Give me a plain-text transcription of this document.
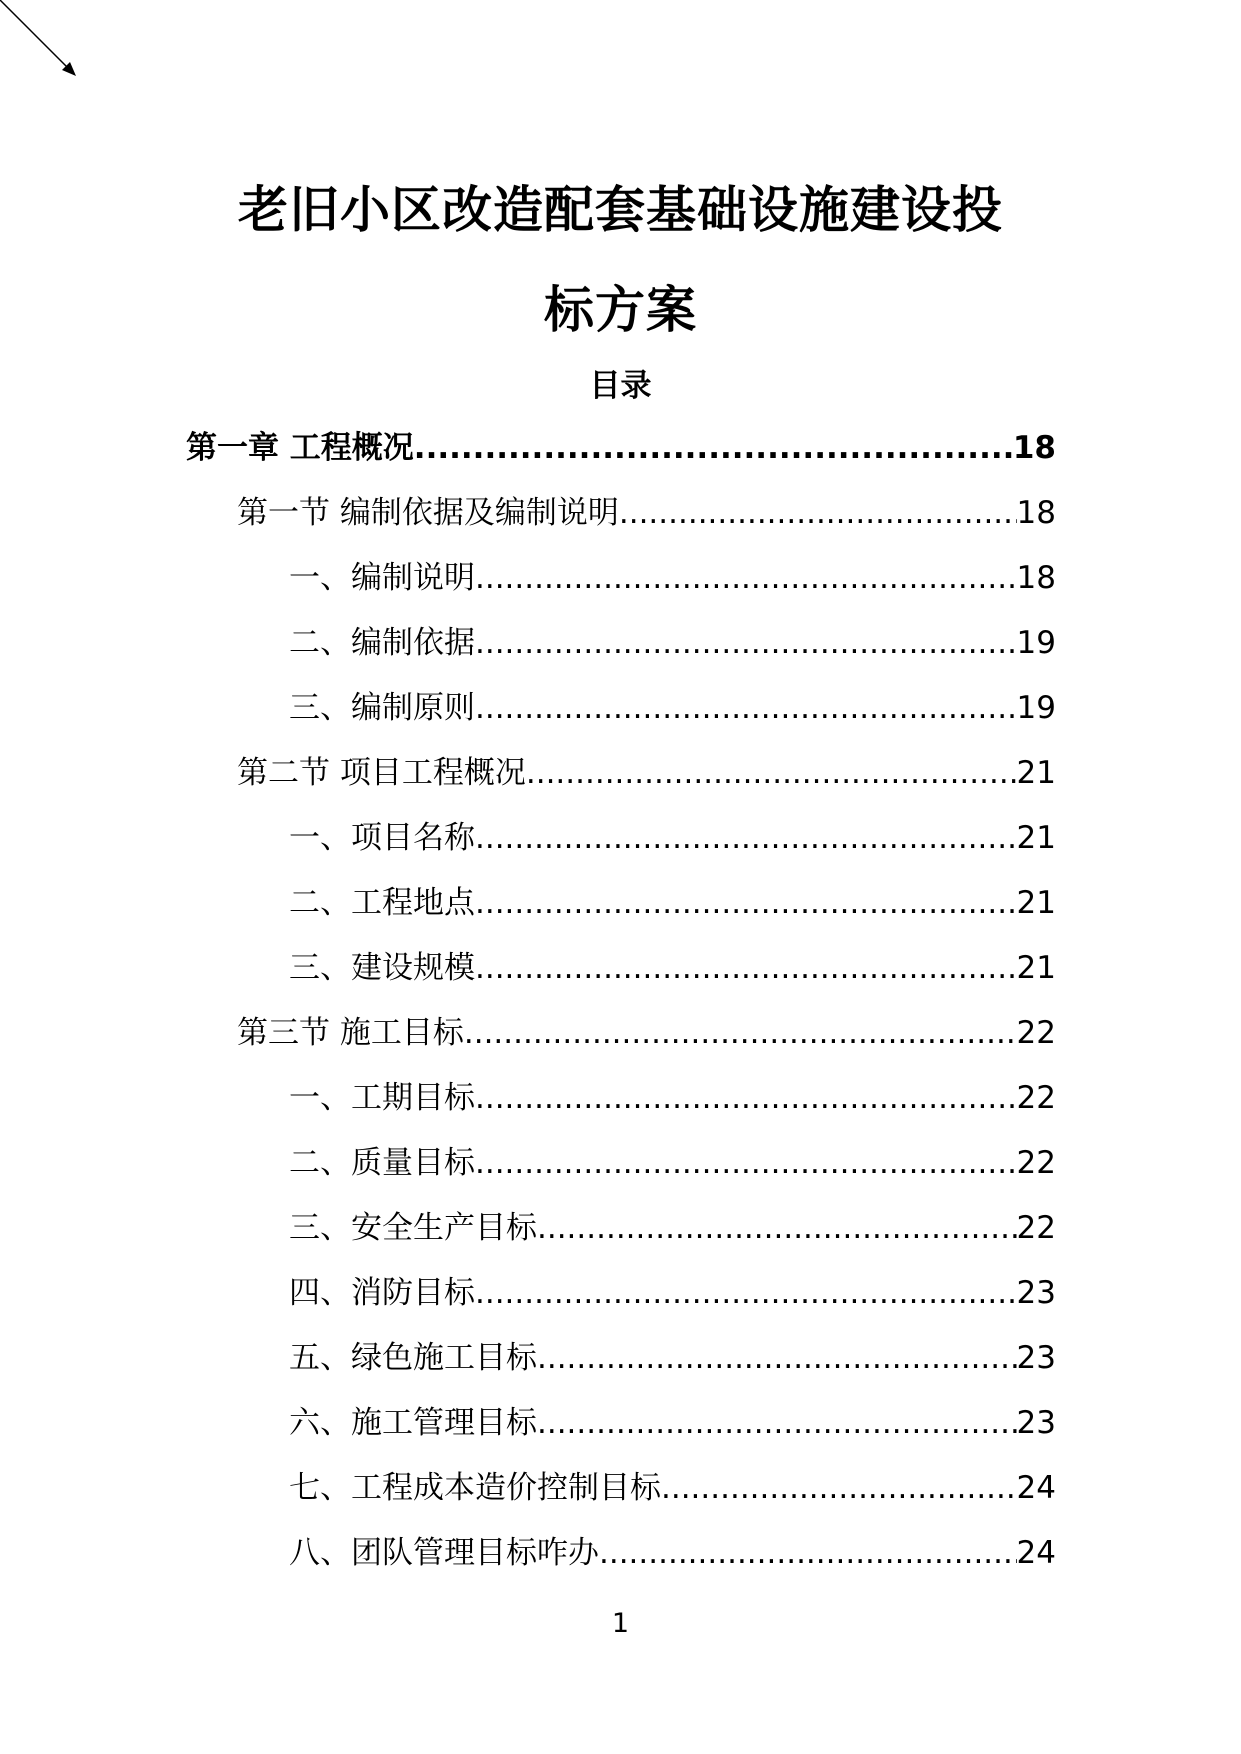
老旧小区改造配套基础设施建设投
标方案
目录
第一章 工程概况 .....	18
第一节 编制依据及编制说明 .....	18
一、编制说明 .....	18
二、编制依据 .....	19
三、编制原则 .....	19
第二节 项目工程概况 .....	21
一、项目名称 .....	21
二、工程地点 .....	21
三、建设规模 .....	21
第三节 施工目标 .....	22
一、工期目标 .....	22
二、质量目标 .....	22
三、安全生产目标 .....	22
四、消防目标 .....	23
五、绿色施工目标 .....	23
六、施工管理目标 .....	23
七、工程成本造价控制目标 .....	24
八、团队管理目标咋办 .....	24
1
